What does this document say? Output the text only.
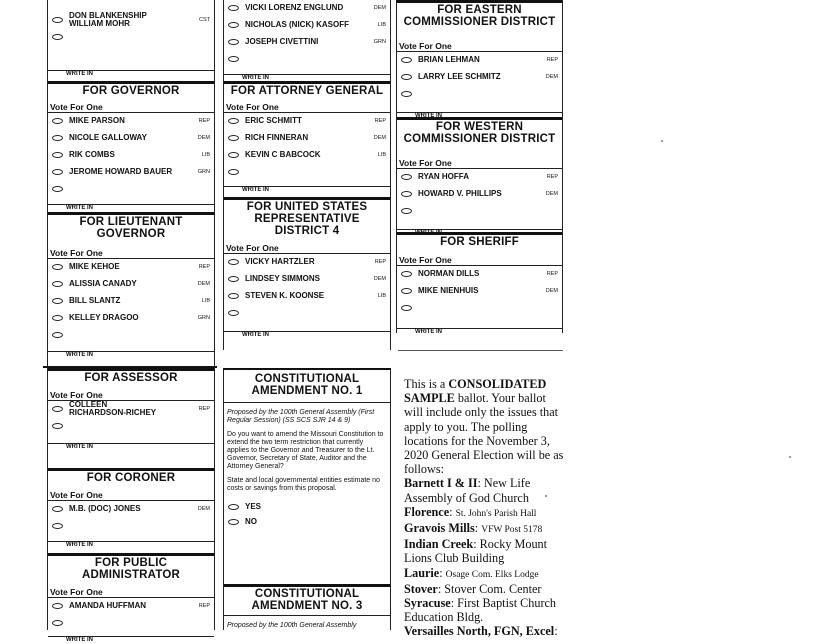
DON BLANKENSHIP
WILLIAM MOHR	CST
WRITE IN
FOR GOVERNOR
Vote For One
MIKE PARSON	REP
NICOLE GALLOWAY	DEM
RIK COMBS	LIB
JEROME HOWARD BAUER	GRN
WRITE IN
FOR LIEUTENANT
GOVERNOR
Vote For One
MIKE KEHOE	REP
ALISSIA CANADY	DEM
BILL SLANTZ	LIB
KELLEY DRAGOO	GRN
WRITE IN
FOR ASSESSOR
Vote For One
COLLEEN
RICHARDSON-RICHEY	REP
WRITE IN
FOR CORONER
Vote For One
M.B. (DOC) JONES	DEM
WRITE IN
FOR PUBLIC
ADMINISTRATOR
Vote For One
AMANDA HUFFMAN	REP
WRITE IN
VICKI LORENZ ENGLUND	DEM
NICHOLAS (NICK) KASOFF	LIB
JOSEPH CIVETTINI	GRN
WRITE IN
FOR ATTORNEY GENERAL
Vote For One
ERIC SCHMITT	REP
RICH FINNERAN	DEM
KEVIN C BABCOCK	LIB
WRITE IN
FOR UNITED STATES
REPRESENTATIVE
DISTRICT 4
Vote For One
VICKY HARTZLER	REP
LINDSEY SIMMONS	DEM
STEVEN K. KOONSE	LIB
WRITE IN
CONSTITUTIONAL
AMENDMENT NO. 1

Proposed by the 100th General Assembly (First Regular Session) (SS SCS SJR 14 & 9)

Do you want to amend the Missouri Constitution to extend the two term restriction that currently applies to the Governor and Treasurer to the Lt. Governor, Secretary of State, Auditor and the Attorney General?

State and local governmental entities estimate no costs or savings from this proposal.

YES
NO
CONSTITUTIONAL
AMENDMENT NO. 3
Proposed by the 100th General Assembly
FOR EASTERN
COMMISSIONER DISTRICT
Vote For One
BRIAN LEHMAN	REP
LARRY LEE SCHMITZ	DEM
WRITE IN
FOR WESTERN
COMMISSIONER DISTRICT
Vote For One
RYAN HOFFA	REP
HOWARD V. PHILLIPS	DEM
WRITE IN
FOR SHERIFF
Vote For One
NORMAN DILLS	REP
MIKE NIENHUIS	DEM
WRITE IN
This is a CONSOLIDATED SAMPLE ballot. Your ballot will include only the issues that apply to you. The polling locations for the November 3, 2020 General Election will be as follows:
Barnett I & II: New Life Assembly of God Church
Florence: St. John's Parish Hall
Gravois Mills: VFW Post 5178
Indian Creek: Rocky Mount Lions Club Building
Laurie: Osage Com. Elks Lodge
Stover: Stover Com. Center
Syracuse: First Baptist Church Education Bldg.
Versailles North, FGN, Excel:
